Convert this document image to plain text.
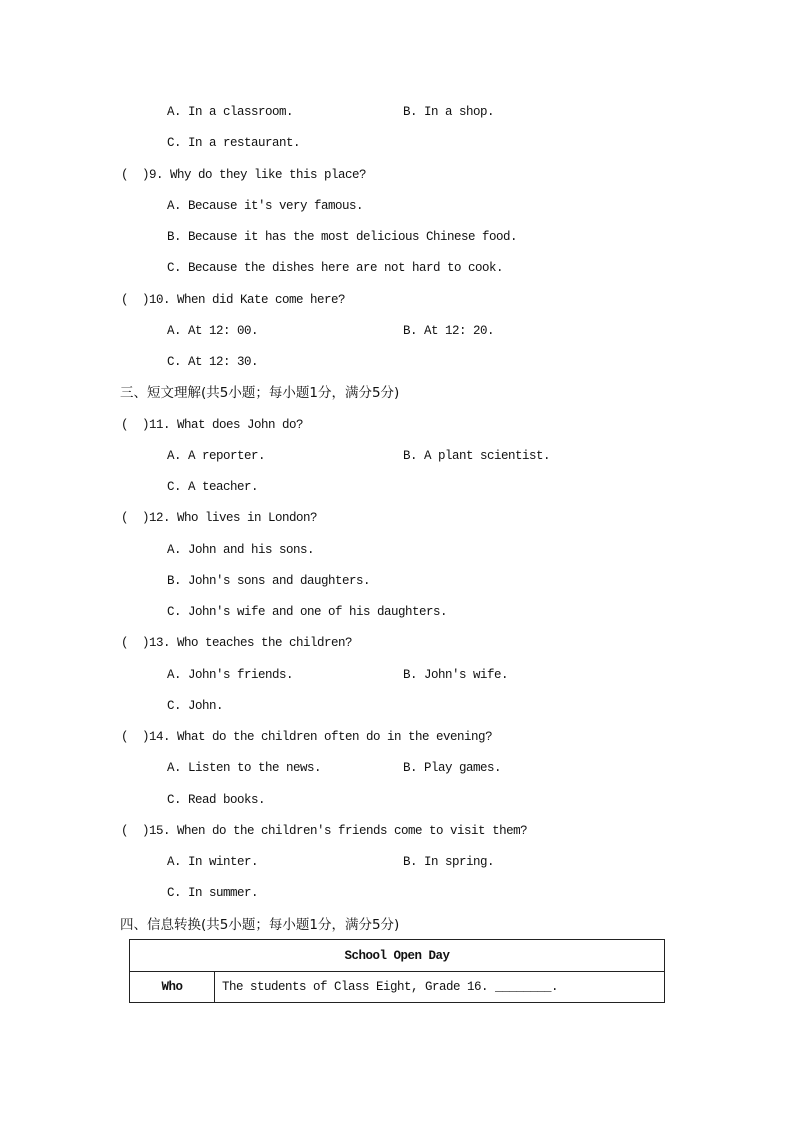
A. In a classroom.

	B. In a shop.

C. In a restaurant.

(  )9. Why do they like this place?

A. Because it's very famous.

B. Because it has the most delicious Chinese food.

C. Because the dishes here are not hard to cook.

(  )10. When did Kate come here?

A. At 12: 00.

	B. At 12: 20.

C. At 12: 30.

三、短文理解(共5小题；每小题1分，满分5分)

(  )11. What does John do?

A. A reporter.

	B. A plant scientist.

C. A teacher.

(  )12. Who lives in London?

A. John and his sons.

B. John's sons and daughters.

C. John's wife and one of his daughters.

(  )13. Who teaches the children?

A. John's friends.

	B. John's wife.

C. John.

(  )14. What do the children often do in the evening?

A. Listen to the news.

	B. Play games.

C. Read books.

(  )15. When do the children's friends come to visit them?

A. In winter.

	B. In spring.

C. In summer.

四、信息转换(共5小题；每小题1分，满分5分)

School Open Day
Who	The students of Class Eight, Grade 16. ________.
